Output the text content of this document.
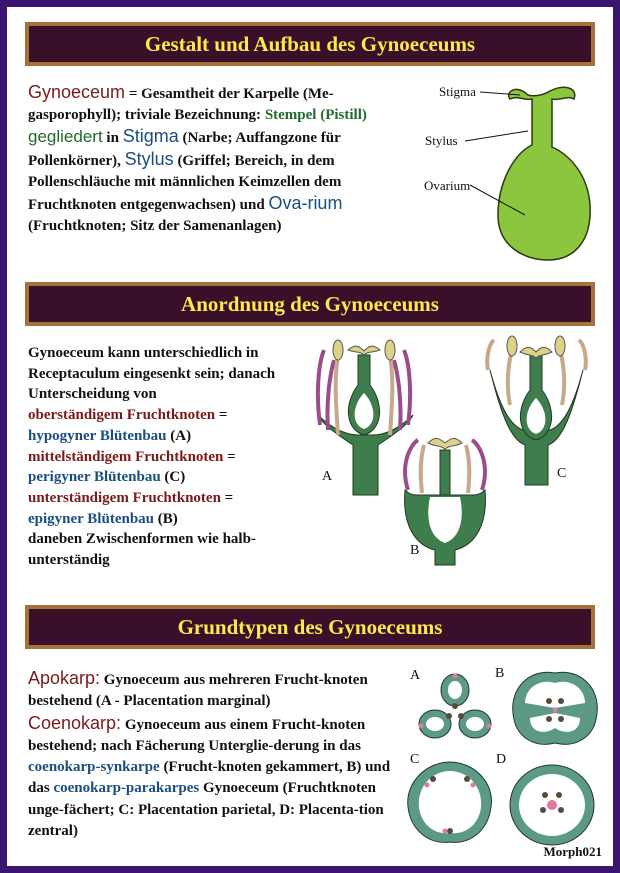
Gestalt und Aufbau des Gynoeceums
Gynoeceum = Gesamtheit der Karpelle (Me-gasporophyll); triviale Bezeichnung: Stempel (Pistill)
gegliedert in Stigma (Narbe; Auffangzone für Pollenkörner), Stylus (Griffel; Bereich, in dem Pollenschläuche mit männlichen Keimzellen dem Fruchtknoten entgegenwachsen) und Ova-rium (Fruchtknoten; Sitz der Samenanlagen)
Stigma
Stylus
Ovarium
Anordnung des Gynoeceums
Gynoeceum kann unterschiedlich in Receptaculum eingesenkt sein; danach Unterscheidung von
oberständigem Fruchtknoten =
hypogyner Blütenbau (A)
mittelständigem Fruchtknoten =
perigyner Blütenbau (C)
unterständigem Fruchtknoten =
epigyner Blütenbau (B)
daneben Zwischenformen wie halb-unterständig
A
B
C
Grundtypen des Gynoeceums
Apokarp: Gynoeceum aus mehreren Frucht-knoten bestehend (A - Placentation marginal)
Coenokarp: Gynoeceum aus einem Frucht-knoten bestehend; nach Fächerung Unterglie-derung in das coenokarp-synkarpe (Frucht-knoten gekammert, B) und das coenokarp-parakarpes Gynoeceum (Fruchtknoten unge-fächert; C: Placentation parietal, D: Placenta-tion zentral)
A	B
C	D
Morph021
